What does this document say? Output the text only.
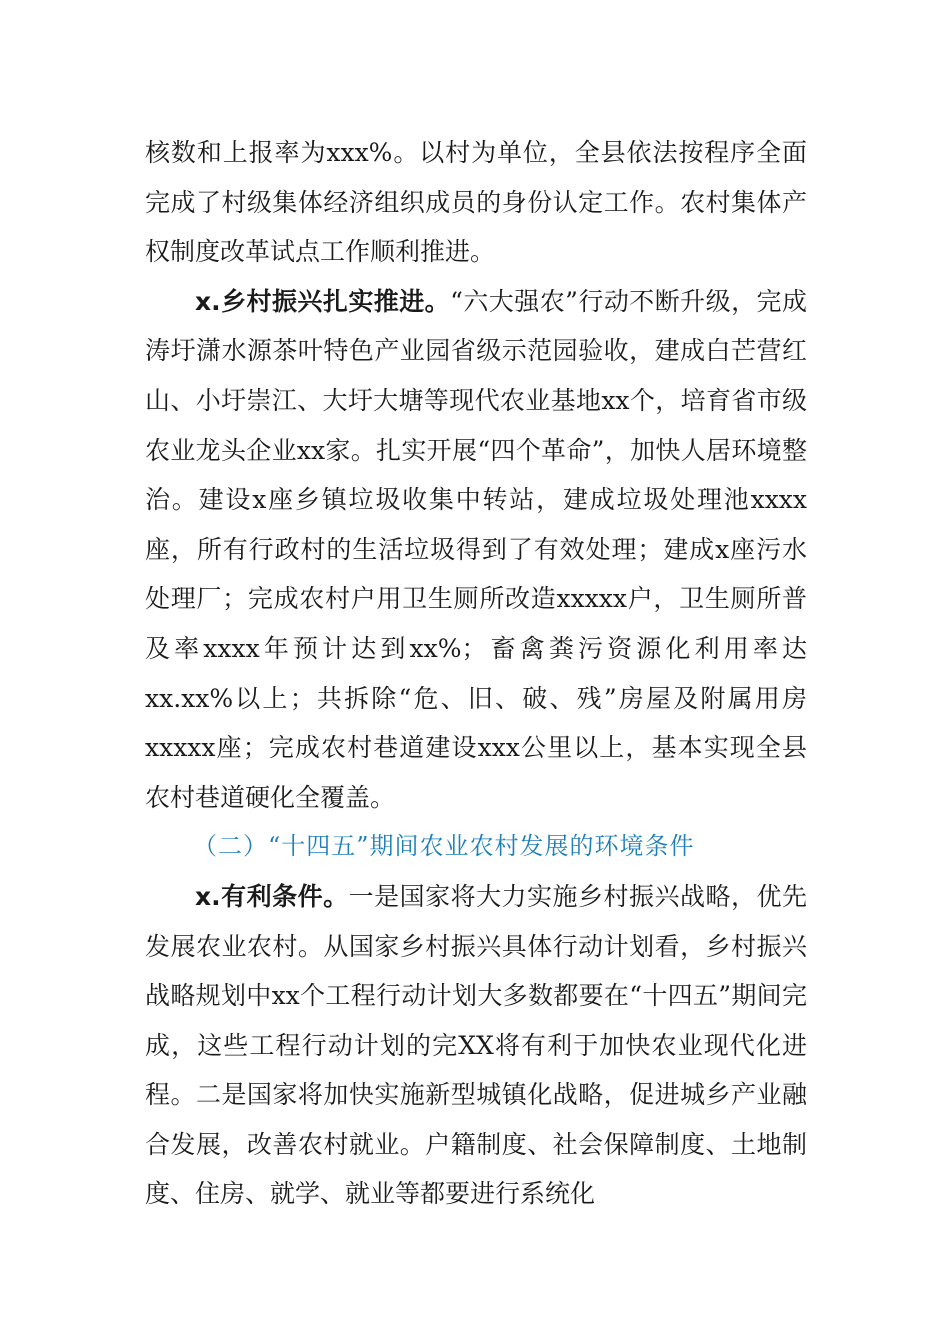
核数和上报率为xxx%。以村为单位，全县依法按程序全面完成了村级集体经济组织成员的身份认定工作。农村集体产权制度改革试点工作顺利推进。

x.乡村振兴扎实推进。“六大强农”行动不断升级，完成涛圩潇水源茶叶特色产业园省级示范园验收，建成白芒营红山、小圩崇江、大圩大塘等现代农业基地xx个，培育省市级农业龙头企业xx家。扎实开展“四个革命”，加快人居环境整治。建设x座乡镇垃圾收集中转站，建成垃圾处理池xxxx座，所有行政村的生活垃圾得到了有效处理；建成x座污水处理厂；完成农村户用卫生厕所改造xxxxx户，卫生厕所普及率xxxx年预计达到xx%；畜禽粪污资源化利用率达xx.xx%以上；共拆除“危、旧、破、残”房屋及附属用房xxxxx座；完成农村巷道建设xxx公里以上，基本实现全县农村巷道硬化全覆盖。

（二）“十四五”期间农业农村发展的环境条件

x.有利条件。一是国家将大力实施乡村振兴战略，优先发展农业农村。从国家乡村振兴具体行动计划看，乡村振兴战略规划中xx个工程行动计划大多数都要在“十四五”期间完成，这些工程行动计划的完XX将有利于加快农业现代化进程。二是国家将加快实施新型城镇化战略，促进城乡产业融合发展，改善农村就业。户籍制度、社会保障制度、土地制度、住房、就学、就业等都要进行系统化
